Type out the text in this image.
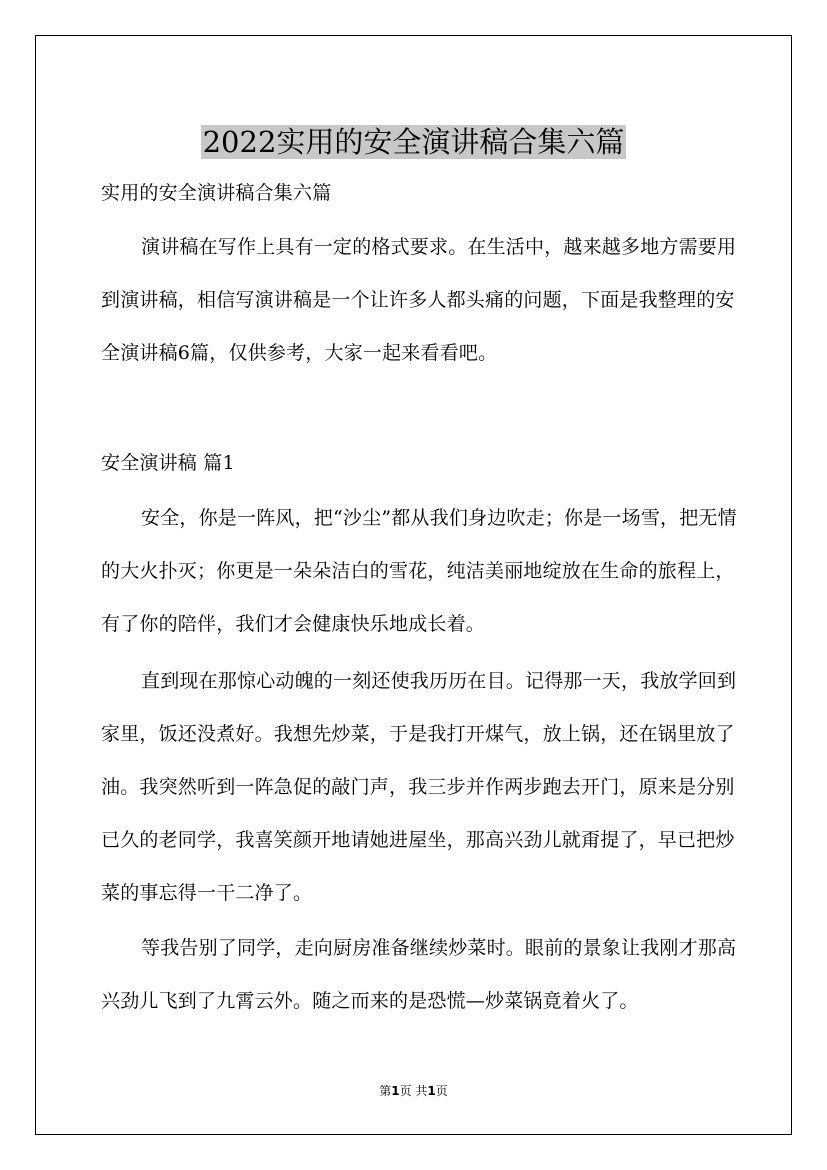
2022实用的安全演讲稿合集六篇
实用的安全演讲稿合集六篇

演讲稿在写作上具有一定的格式要求。在生活中，越来越多地方需要用到演讲稿，相信写演讲稿是一个让许多人都头痛的问题，下面是我整理的安全演讲稿6篇，仅供参考，大家一起来看看吧。

安全演讲稿 篇1

安全，你是一阵风，把“沙尘”都从我们身边吹走；你是一场雪，把无情的大火扑灭；你更是一朵朵洁白的雪花，纯洁美丽地绽放在生命的旅程上，有了你的陪伴，我们才会健康快乐地成长着。

直到现在那惊心动魄的一刻还使我历历在目。记得那一天，我放学回到家里，饭还没煮好。我想先炒菜，于是我打开煤气，放上锅，还在锅里放了油。我突然听到一阵急促的敲门声，我三步并作两步跑去开门，原来是分别已久的老同学，我喜笑颜开地请她进屋坐，那高兴劲儿就甭提了，早已把炒菜的事忘得一干二净了。

等我告别了同学，走向厨房准备继续炒菜时。眼前的景象让我刚才那高兴劲儿飞到了九霄云外。随之而来的是恐慌—炒菜锅竟着火了。

第1页 共1页
